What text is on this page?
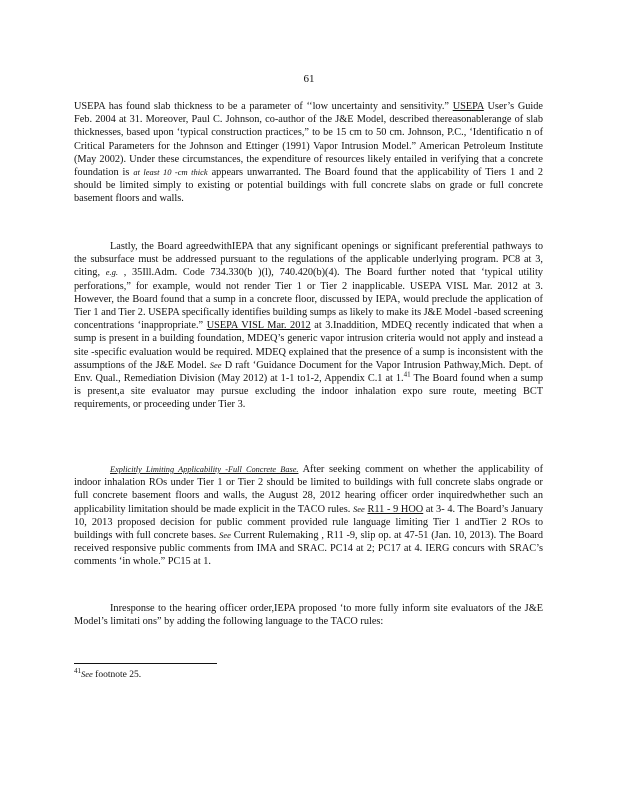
61

USEPA has found slab thickness to be a parameter of ‘‘low uncertainty and sensitivity.” USEPA User’s Guide Feb. 2004 at 31. Moreover, Paul C. Johnson, co-author of the J&E Model, described thereasonablerange of slab thicknesses, based upon ‘typical construction practices,” to be 15 cm to 50 cm. Johnson, P.C., ‘Identificatio n of Critical Parameters for the Johnson and Ettinger (1991) Vapor Intrusion Model.” American Petroleum Institute (May 2002). Under these circumstances, the expenditure of resources likely entailed in verifying that a concrete foundation is at least 10 -cm thick appears unwarranted. The Board found that the applicability of Tiers 1 and 2 should be limited simply to existing or potential buildings with full concrete slabs on grade or full concrete basement floors and walls.

Lastly, the Board agreedwithIEPA that any significant openings or significant preferential pathways to the subsurface must be addressed pursuant to the regulations of the applicable underlying program. PC8 at 3, citing, e.g. , 35Ill.Adm. Code 734.330(b )(l), 740.420(b)(4). The Board further noted that ‘typical utility perforations,” for example, would not render Tier 1 or Tier 2 inapplicable. USEPA VISL Mar. 2012 at 3. However, the Board found that a sump in a concrete floor, discussed by IEPA, would preclude the application of Tier 1 and Tier 2. USEPA specifically identifies building sumps as likely to make its J&E Model -based screening concentrations ‘inappropriate.” USEPA VISL Mar. 2012 at 3.Inaddition, MDEQ recently indicated that when a sump is present in a building foundation, MDEQ’s generic vapor intrusion criteria would not apply and instead a site -specific evaluation would be required. MDEQ explained that the presence of a sump is inconsistent with the assumptions of the J&E Model. See D raft ‘Guidance Document for the Vapor Intrusion Pathway,Mich. Dept. of Env. Qual., Remediation Division (May 2012) at 1-1 to1-2, Appendix C.1 at 1.41 The Board found when a sump is present,a site evaluator may pursue excluding the indoor inhalation expo sure route, meeting BCT requirements, or proceeding under Tier 3.

Explicitly Limiting Applicability -Full Concrete Base. After seeking comment on whether the applicability of indoor inhalation ROs under Tier 1 or Tier 2 should be limited to buildings with full concrete slabs ongrade or full concrete basement floors and walls, the August 28, 2012 hearing officer order inquiredwhether such an applicability limitation should be made explicit in the TACO rules. See R11 - 9 HOO at 3- 4. The Board’s January 10, 2013 proposed decision for public comment provided rule language limiting Tier 1 andTier 2 ROs to buildings with full concrete bases. See Current Rulemaking , R11 -9, slip op. at 47-51 (Jan. 10, 2013). The Board received responsive public comments from IMA and SRAC. PC14 at 2; PC17 at 4. IERG concurs with SRAC’s comments ‘in whole.” PC15 at 1.

Inresponse to the hearing officer order,IEPA proposed ‘to more fully inform site evaluators of the J&E Model’s limitati ons” by adding the following language to the TACO rules:

$^{41}$See footnote 25.
